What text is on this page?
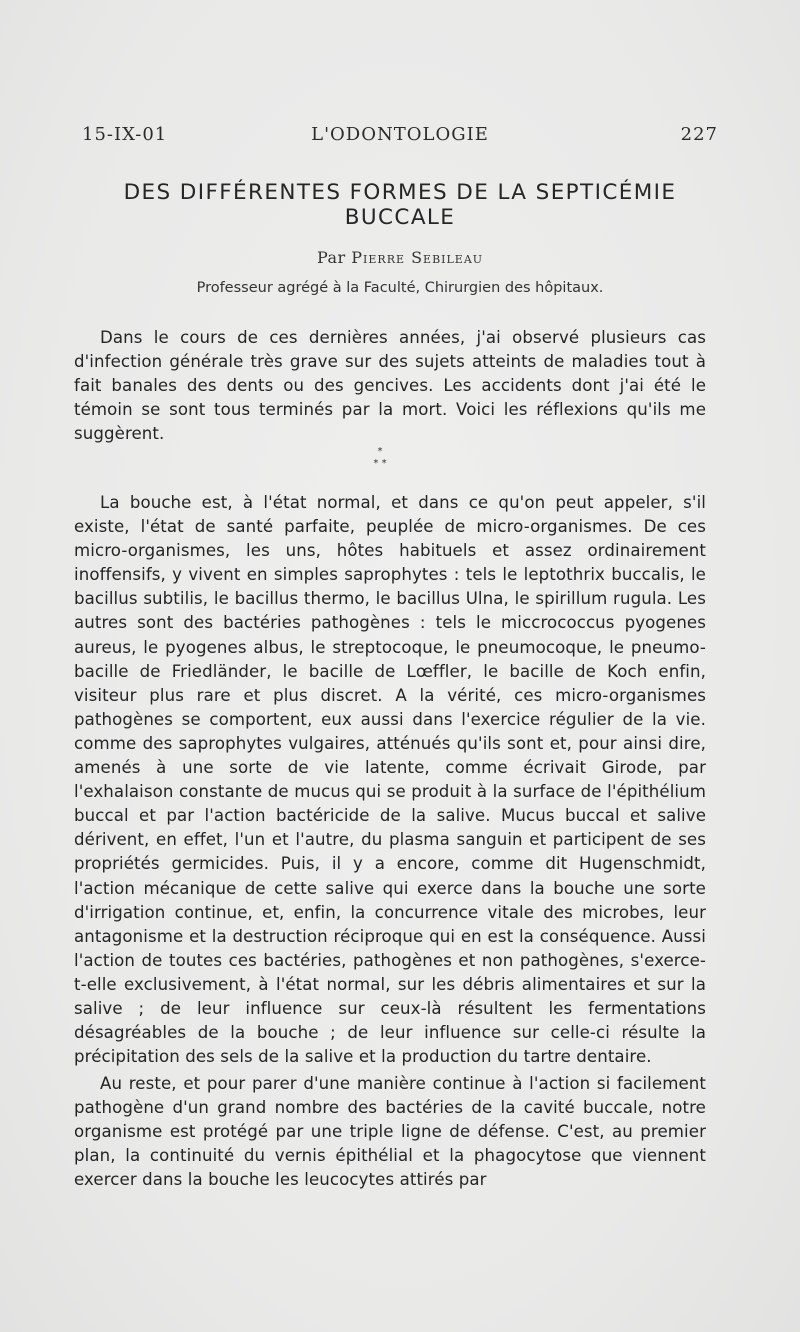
15-IX-01	L'ODONTOLOGIE	227
DES DIFFÉRENTES FORMES DE LA SEPTICÉMIE
BUCCALE
Par Pierre Sebileau
Professeur agrégé à la Faculté, Chirurgien des hôpitaux.

Dans le cours de ces dernières années, j'ai observé plusieurs cas d'infection générale très grave sur des sujets atteints de maladies tout à fait banales des dents ou des gencives. Les accidents dont j'ai été le témoin se sont tous terminés par la mort. Voici les réflexions qu'ils me suggèrent.

*
* *

La bouche est, à l'état normal, et dans ce qu'on peut appeler, s'il existe, l'état de santé parfaite, peuplée de micro-organismes. De ces micro-organismes, les uns, hôtes habituels et assez ordinairement inoffensifs, y vivent en simples saprophytes : tels le leptothrix buccalis, le bacillus subtilis, le bacillus thermo, le bacillus Ulna, le spirillum rugula. Les autres sont des bactéries pathogènes : tels le miccrococcus pyogenes aureus, le pyogenes albus, le streptocoque, le pneumocoque, le pneumo-bacille de Friedländer, le bacille de Lœffler, le bacille de Koch enfin, visiteur plus rare et plus discret. A la vérité, ces micro-organismes pathogènes se comportent, eux aussi dans l'exercice régulier de la vie. comme des saprophytes vulgaires, atténués qu'ils sont et, pour ainsi dire, amenés à une sorte de vie latente, comme écrivait Girode, par l'exhalaison constante de mucus qui se produit à la surface de l'épithélium buccal et par l'action bactéricide de la salive. Mucus buccal et salive dérivent, en effet, l'un et l'autre, du plasma sanguin et participent de ses propriétés germicides. Puis, il y a encore, comme dit Hugenschmidt, l'action mécanique de cette salive qui exerce dans la bouche une sorte d'irrigation continue, et, enfin, la concurrence vitale des microbes, leur antagonisme et la destruction réciproque qui en est la conséquence. Aussi l'action de toutes ces bactéries, pathogènes et non pathogènes, s'exerce-t-elle exclusivement, à l'état normal, sur les débris alimentaires et sur la salive ; de leur influence sur ceux-là résultent les fermentations désagréables de la bouche ; de leur influence sur celle-ci résulte la précipitation des sels de la salive et la production du tartre dentaire.

Au reste, et pour parer d'une manière continue à l'action si facilement pathogène d'un grand nombre des bactéries de la cavité buccale, notre organisme est protégé par une triple ligne de défense. C'est, au premier plan, la continuité du vernis épithélial et la phagocytose que viennent exercer dans la bouche les leucocytes attirés par
